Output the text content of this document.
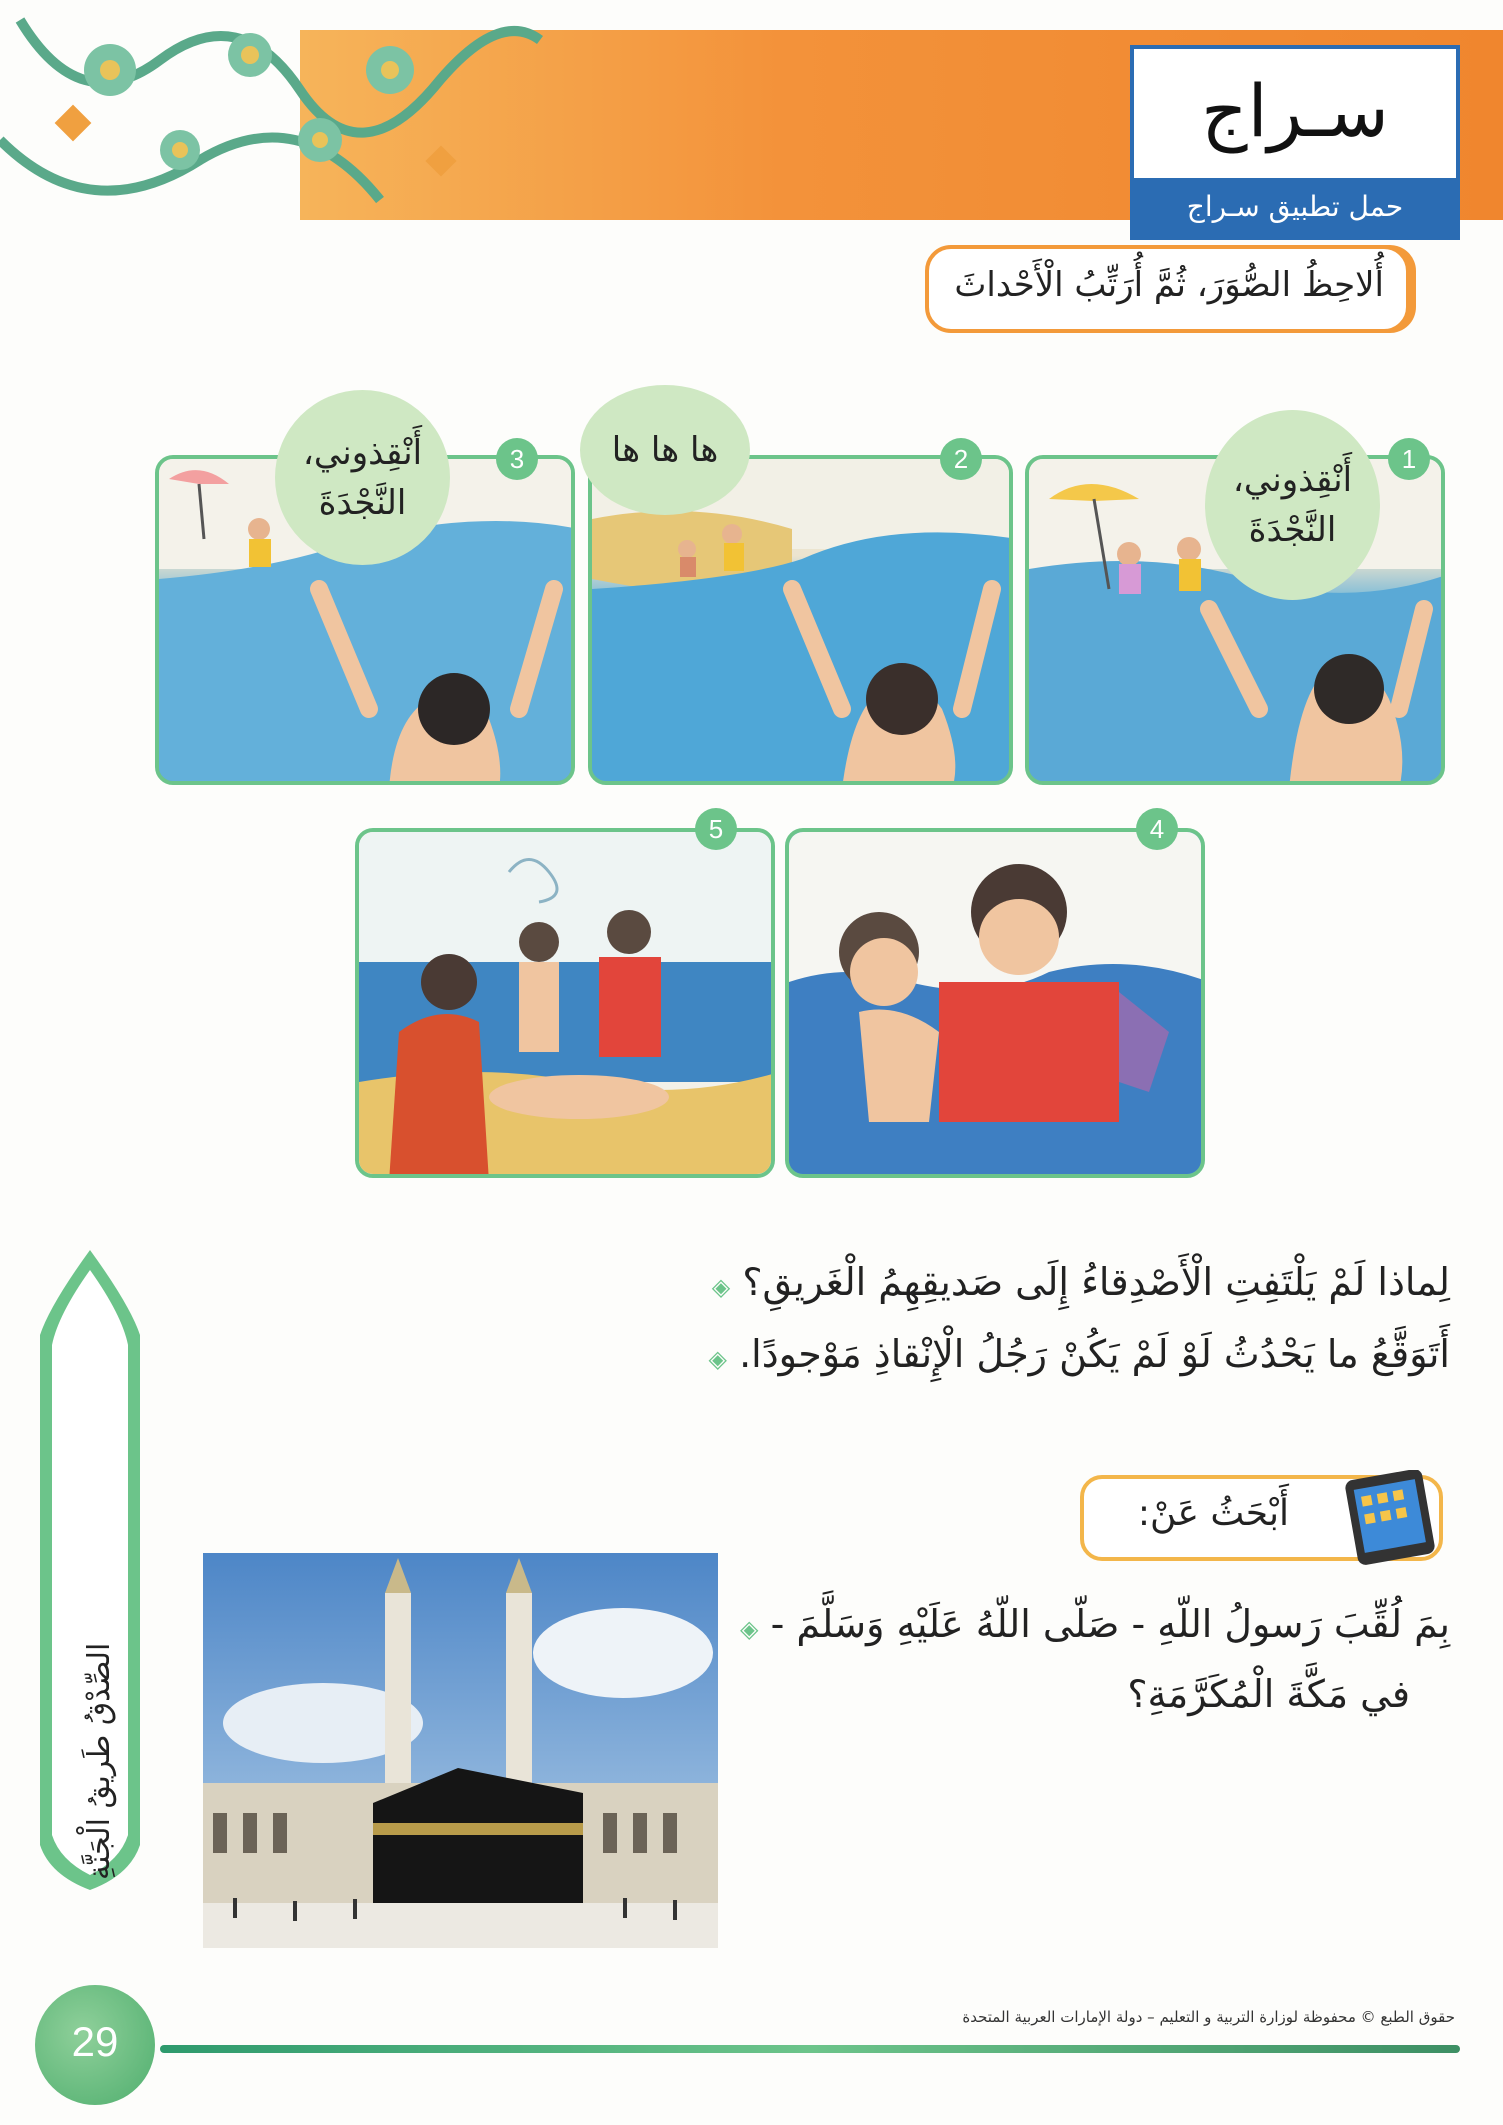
سـراج
حمل تطبيق سـراج
أُلاحِظُ الصُّوَرَ، ثُمَّ أُرَتِّبُ الْأَحْداثَ
أَنْقِذوني، النَّجْدَةَ
1
ها ها ها	2
أَنْقِذوني، النَّجْدَةَ
3
4
5
لِماذا لَمْ يَلْتَفِتِ الْأَصْدِقاءُ إِلَى صَديقِهِمُ الْغَريقِ؟ ◈
أَتَوَقَّعُ ما يَحْدُثُ لَوْ لَمْ يَكُنْ رَجُلُ الْإِنْقاذِ مَوْجودًا. ◈
أَبْحَثُ عَنْ:
بِمَ لُقِّبَ رَسولُ اللّهِ - صَلّى اللّهُ عَلَيْهِ وَسَلَّمَ - ◈
في مَكَّةَ الْمُكَرَّمَةِ؟
الصِّدْقُ طَريقُ الْجَنَّةِ
29
حقوق الطبع © محفوظة لوزارة التربية و التعليم – دولة الإمارات العربية المتحدة
